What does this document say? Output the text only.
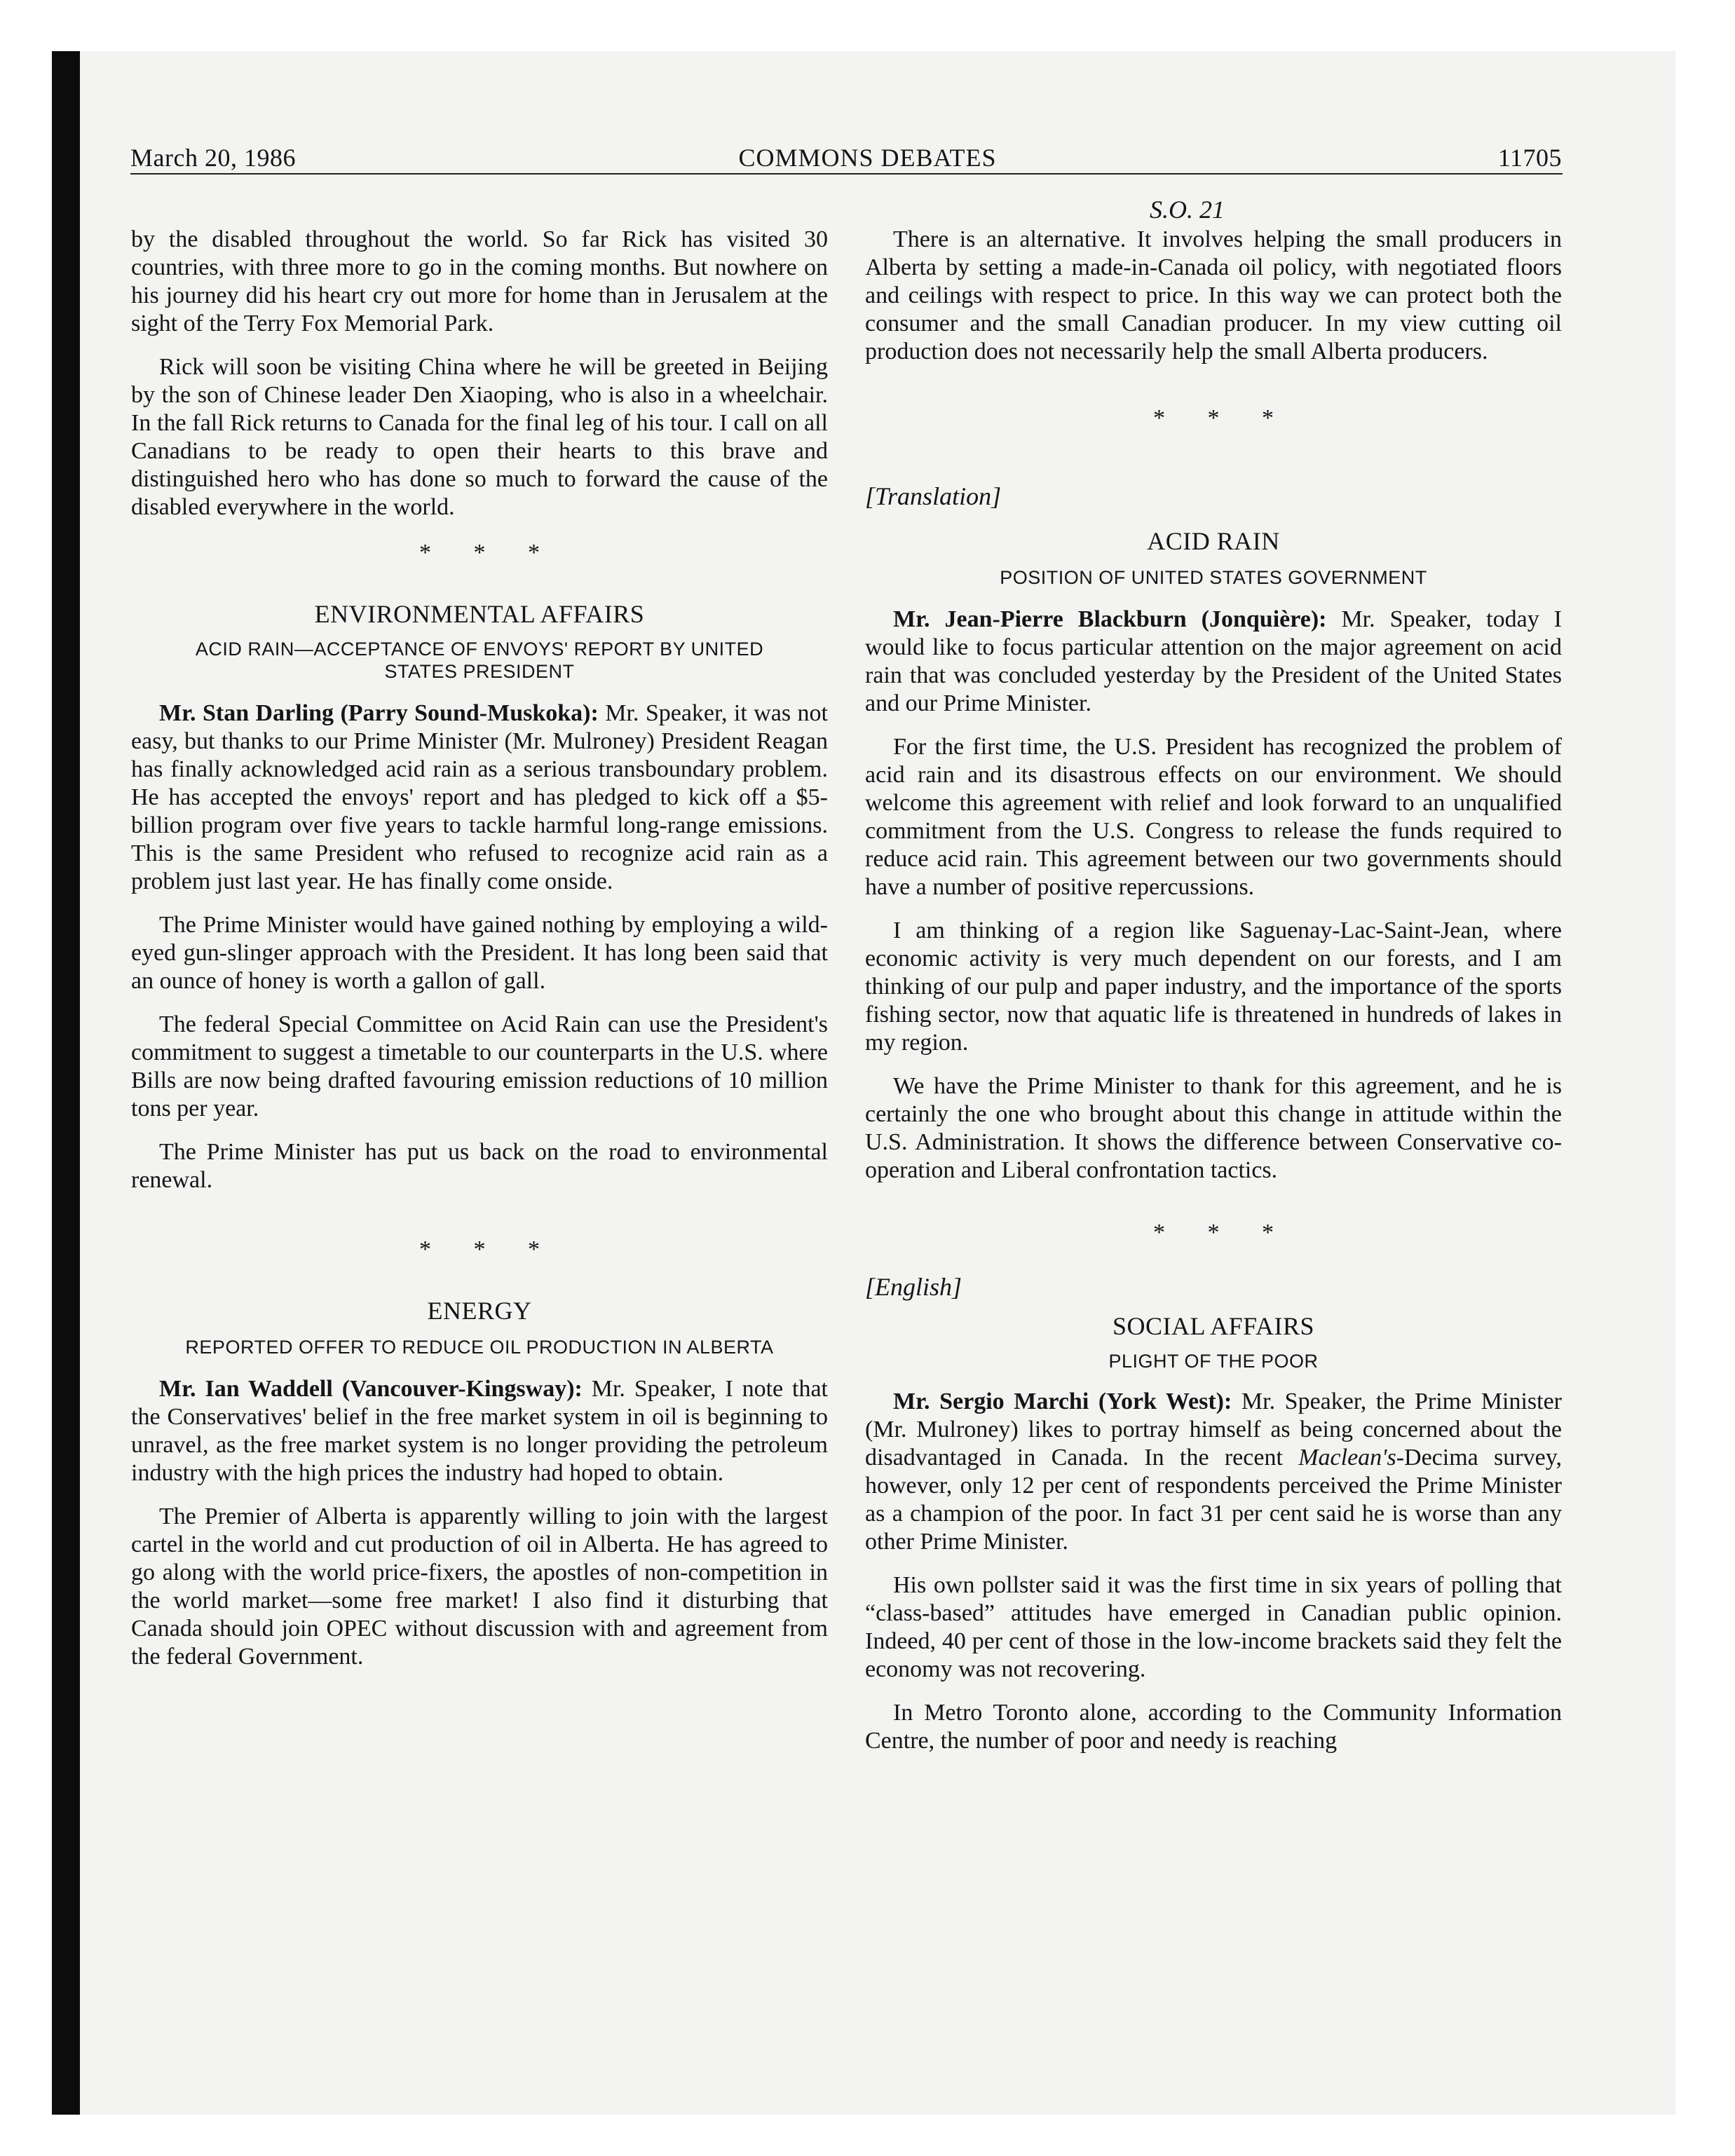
March 20, 1986	COMMONS DEBATES	11705
S.O. 21

by the disabled throughout the world. So far Rick has visited 30 countries, with three more to go in the coming months. But nowhere on his journey did his heart cry out more for home than in Jerusalem at the sight of the Terry Fox Memorial Park.

Rick will soon be visiting China where he will be greeted in Beijing by the son of Chinese leader Den Xiaoping, who is also in a wheelchair. In the fall Rick returns to Canada for the final leg of his tour. I call on all Canadians to be ready to open their hearts to this brave and distinguished hero who has done so much to forward the cause of the disabled everywhere in the world.

* * *

ENVIRONMENTAL AFFAIRS

ACID RAIN—ACCEPTANCE OF ENVOYS' REPORT BY UNITED STATES PRESIDENT

Mr. Stan Darling (Parry Sound-Muskoka): Mr. Speaker, it was not easy, but thanks to our Prime Minister (Mr. Mulroney) President Reagan has finally acknowledged acid rain as a serious transboundary problem. He has accepted the envoys' report and has pledged to kick off a $5-billion program over five years to tackle harmful long-range emissions. This is the same President who refused to recognize acid rain as a problem just last year. He has finally come onside.

The Prime Minister would have gained nothing by employing a wild-eyed gun-slinger approach with the President. It has long been said that an ounce of honey is worth a gallon of gall.

The federal Special Committee on Acid Rain can use the President's commitment to suggest a timetable to our counterparts in the U.S. where Bills are now being drafted favouring emission reductions of 10 million tons per year.

The Prime Minister has put us back on the road to environmental renewal.

* * *

ENERGY

REPORTED OFFER TO REDUCE OIL PRODUCTION IN ALBERTA

Mr. Ian Waddell (Vancouver-Kingsway): Mr. Speaker, I note that the Conservatives' belief in the free market system in oil is beginning to unravel, as the free market system is no longer providing the petroleum industry with the high prices the industry had hoped to obtain.

The Premier of Alberta is apparently willing to join with the largest cartel in the world and cut production of oil in Alberta. He has agreed to go along with the world price-fixers, the apostles of non-competition in the world market—some free market! I also find it disturbing that Canada should join OPEC without discussion with and agreement from the federal Government.

There is an alternative. It involves helping the small producers in Alberta by setting a made-in-Canada oil policy, with negotiated floors and ceilings with respect to price. In this way we can protect both the consumer and the small Canadian producer. In my view cutting oil production does not necessarily help the small Alberta producers.

* * *

[Translation]

ACID RAIN

POSITION OF UNITED STATES GOVERNMENT

Mr. Jean-Pierre Blackburn (Jonquière): Mr. Speaker, today I would like to focus particular attention on the major agreement on acid rain that was concluded yesterday by the President of the United States and our Prime Minister.

For the first time, the U.S. President has recognized the problem of acid rain and its disastrous effects on our environment. We should welcome this agreement with relief and look forward to an unqualified commitment from the U.S. Congress to release the funds required to reduce acid rain. This agreement between our two governments should have a number of positive repercussions.

I am thinking of a region like Saguenay-Lac-Saint-Jean, where economic activity is very much dependent on our forests, and I am thinking of our pulp and paper industry, and the importance of the sports fishing sector, now that aquatic life is threatened in hundreds of lakes in my region.

We have the Prime Minister to thank for this agreement, and he is certainly the one who brought about this change in attitude within the U.S. Administration. It shows the difference between Conservative co-operation and Liberal confrontation tactics.

* * *

[English]

SOCIAL AFFAIRS

PLIGHT OF THE POOR

Mr. Sergio Marchi (York West): Mr. Speaker, the Prime Minister (Mr. Mulroney) likes to portray himself as being concerned about the disadvantaged in Canada. In the recent Maclean's-Decima survey, however, only 12 per cent of respondents perceived the Prime Minister as a champion of the poor. In fact 31 per cent said he is worse than any other Prime Minister.

His own pollster said it was the first time in six years of polling that “class-based” attitudes have emerged in Canadian public opinion. Indeed, 40 per cent of those in the low-income brackets said they felt the economy was not recovering.

In Metro Toronto alone, according to the Community Information Centre, the number of poor and needy is reaching
